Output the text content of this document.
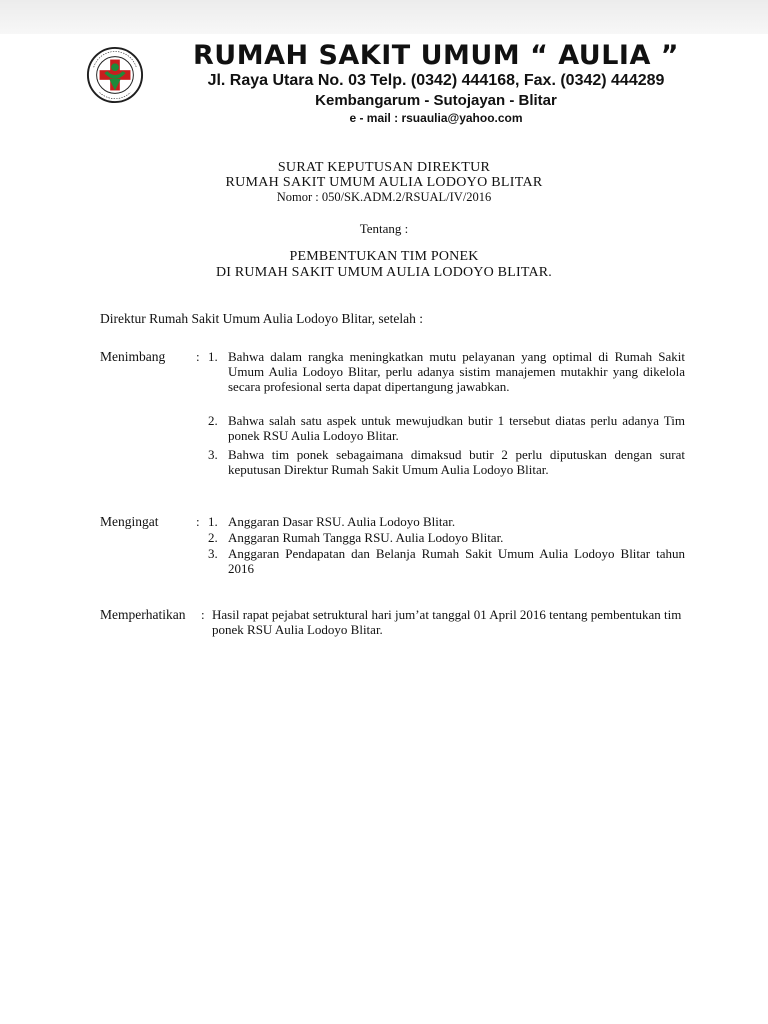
RUMAH SAKIT UMUM “ AULIA ”
Jl. Raya Utara No. 03 Telp. (0342) 444168, Fax. (0342) 444289
Kembangarum - Sutojayan - Blitar
e - mail : rsuaulia@yahoo.com
SURAT KEPUTUSAN DIREKTUR
RUMAH SAKIT UMUM AULIA LODOYO BLITAR
Nomor : 050/SK.ADM.2/RSUAL/IV/2016
Tentang :
PEMBENTUKAN TIM PONEK
DI RUMAH SAKIT UMUM AULIA LODOYO BLITAR.
Direktur Rumah Sakit Umum Aulia Lodoyo Blitar, setelah :
Menimbang : 1. Bahwa dalam rangka meningkatkan mutu pelayanan yang optimal di Rumah Sakit Umum Aulia Lodoyo Blitar, perlu adanya sistim manajemen mutakhir yang dikelola secara profesional serta dapat dipertangung jawabkan.
2. Bahwa salah satu aspek untuk mewujudkan butir 1 tersebut diatas perlu adanya Tim ponek RSU Aulia Lodoyo Blitar.
3. Bahwa tim ponek sebagaimana dimaksud butir 2 perlu diputuskan dengan surat keputusan Direktur Rumah Sakit Umum Aulia Lodoyo Blitar.
Mengingat	: 1. Anggaran Dasar RSU. Aulia Lodoyo Blitar.
2. Anggaran Rumah Tangga RSU. Aulia Lodoyo Blitar.
3. Anggaran Pendapatan dan Belanja Rumah Sakit Umum Aulia Lodoyo Blitar tahun 2016
Memperhatikan : Hasil rapat pejabat setruktural hari jum’at tanggal 01 April 2016 tentang pembentukan tim ponek RSU Aulia Lodoyo Blitar.
